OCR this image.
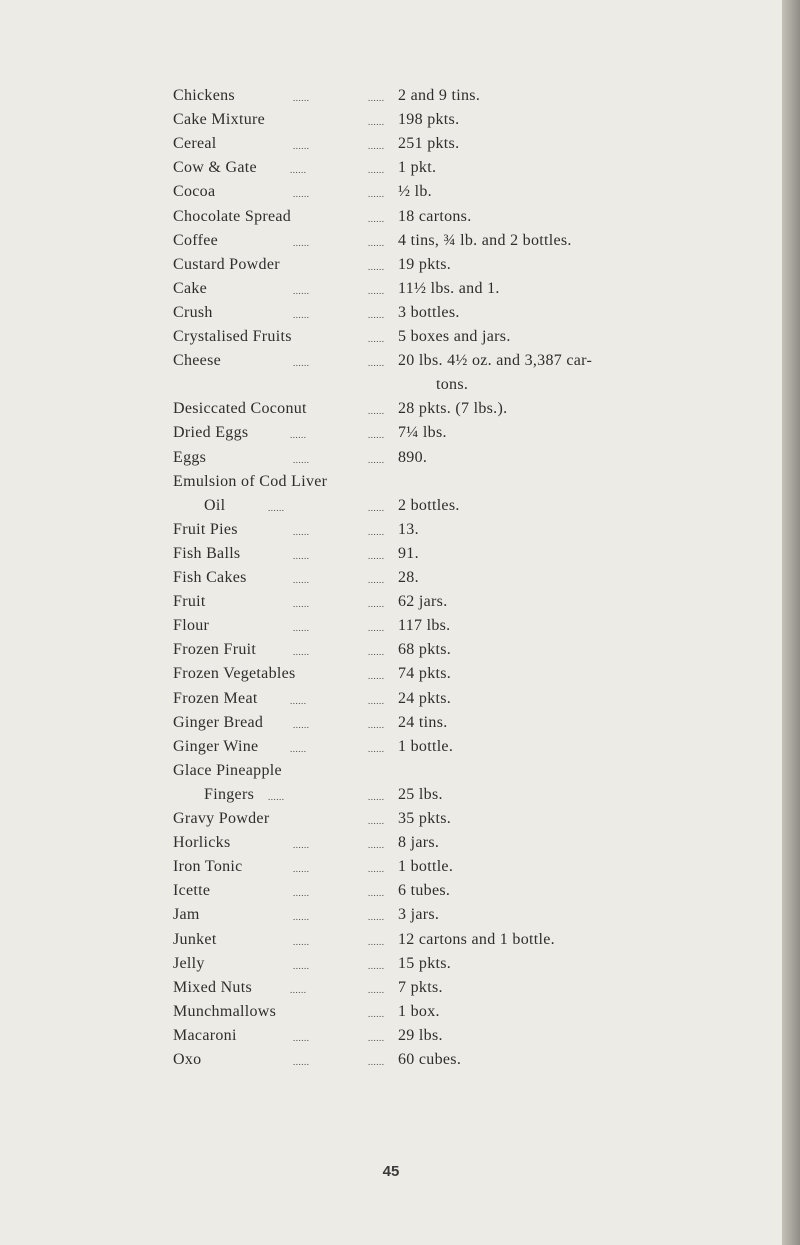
Chickens	......	...... 2 and 9 tins.
Cake Mixture	...... 198 pkts.
Cereal	......	...... 251 pkts.
Cow & Gate	......	...... 1 pkt.
Cocoa	......	...... ½ lb.
Chocolate Spread	...... 18 cartons.
Coffee	......	...... 4 tins, ¾ lb. and 2 bottles.
Custard Powder	...... 19 pkts.
Cake	......	...... 11½ lbs. and 1.
Crush	......	...... 3 bottles.
Crystalised Fruits	...... 5 boxes and jars.
Cheese	......	...... 20 lbs. 4½ oz. and 3,387 car-
tons.
Desiccated Coconut	...... 28 pkts. (7 lbs.).
Dried Eggs	......	...... 7¼ lbs.
Eggs	......	...... 890.
Emulsion of Cod Liver
Oil	......	...... 2 bottles.
Fruit Pies	......	...... 13.
Fish Balls	......	...... 91.
Fish Cakes	......	...... 28.
Fruit	......	...... 62 jars.
Flour	......	...... 117 lbs.
Frozen Fruit	......	...... 68 pkts.
Frozen Vegetables	...... 74 pkts.
Frozen Meat	......	...... 24 pkts.
Ginger Bread	......	...... 24 tins.
Ginger Wine	......	...... 1 bottle.
Glace Pineapple
Fingers ......	...... 25 lbs.
Gravy Powder	...... 35 pkts.
Horlicks	......	...... 8 jars.
Iron Tonic	......	...... 1 bottle.
Icette	......	...... 6 tubes.
Jam	......	...... 3 jars.
Junket	......	...... 12 cartons and 1 bottle.
Jelly	......	...... 15 pkts.
Mixed Nuts	......	...... 7 pkts.
Munchmallows	...... 1 box.
Macaroni	......	...... 29 lbs.
Oxo	......	...... 60 cubes.
45
